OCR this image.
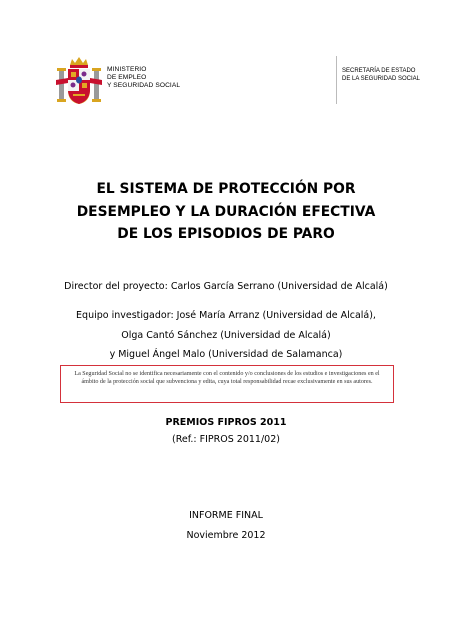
MINISTERIO
DE EMPLEO
Y SEGURIDAD SOCIAL
SECRETARÍA DE ESTADO
DE LA SEGURIDAD SOCIAL
EL SISTEMA DE PROTECCIÓN POR
DESEMPLEO Y LA DURACIÓN EFECTIVA
DE LOS EPISODIOS DE PARO
Director del proyecto: Carlos García Serrano (Universidad de Alcalá)
Equipo investigador: José María Arranz (Universidad de Alcalá),
Olga Cantó Sánchez (Universidad de Alcalá)
y Miguel Ángel Malo (Universidad de Salamanca)
La Seguridad Social no se identifica necesariamente con el contenido y/o conclusiones de los estudios e investigaciones en el ámbito de la protección social que subvenciona y edita, cuya total responsabilidad recae exclusivamente en sus autores.
PREMIOS FIPROS 2011
(Ref.: FIPROS 2011/02)
INFORME FINAL
Noviembre 2012
